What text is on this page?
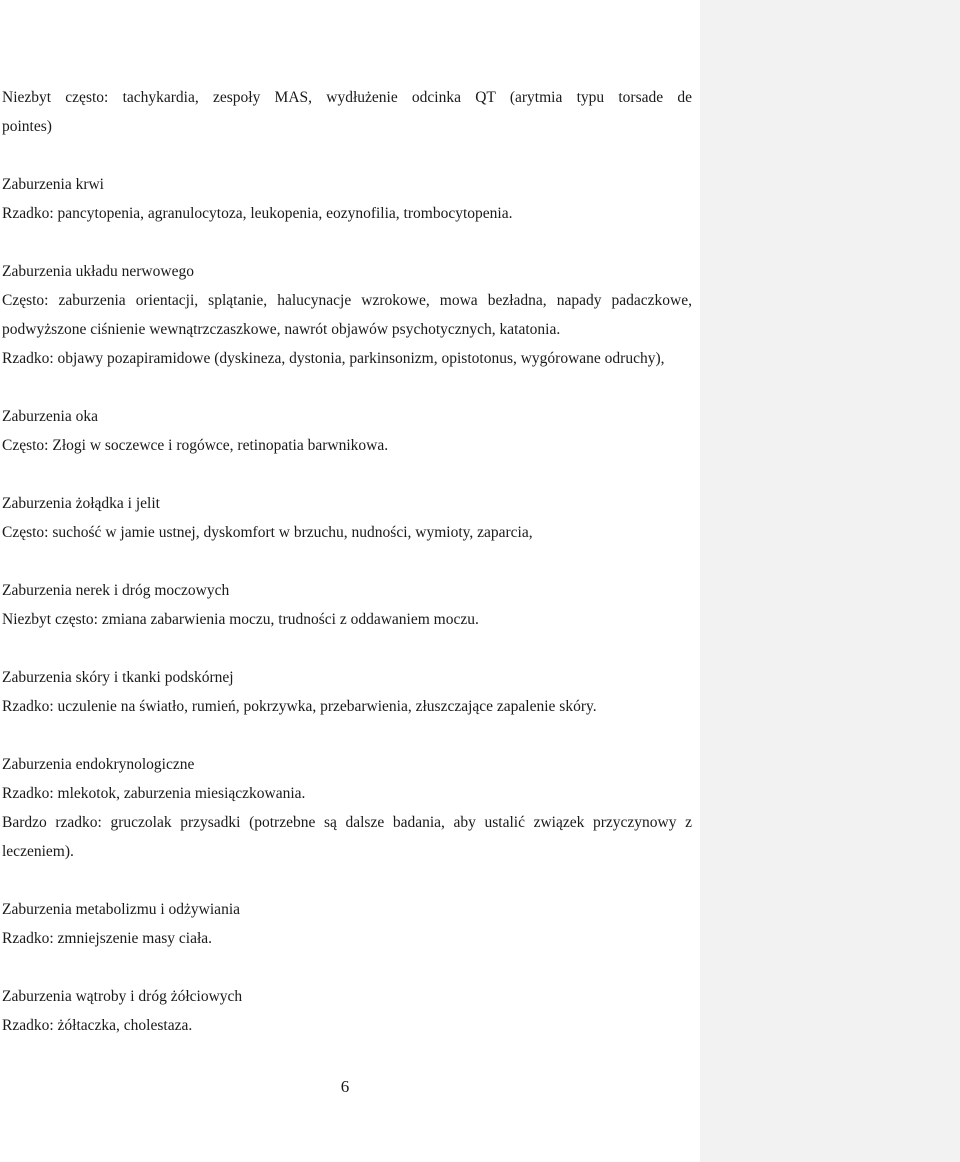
Niezbyt często: tachykardia, zespoły MAS, wydłużenie odcinka QT (arytmia typu torsade de

pointes)

Zaburzenia krwi

Rzadko: pancytopenia, agranulocytoza, leukopenia, eozynofilia, trombocytopenia.

Zaburzenia układu nerwowego

Często: zaburzenia orientacji, splątanie, halucynacje wzrokowe, mowa bezładna, napady padaczkowe,

podwyższone ciśnienie wewnątrzczaszkowe, nawrót objawów psychotycznych, katatonia.

Rzadko: objawy pozapiramidowe (dyskineza, dystonia, parkinsonizm, opistotonus, wygórowane odruchy),

Zaburzenia oka

Często: Złogi w soczewce i rogówce, retinopatia barwnikowa.

Zaburzenia żołądka i jelit

Często: suchość w jamie ustnej, dyskomfort w brzuchu, nudności, wymioty, zaparcia,

Zaburzenia nerek i dróg moczowych

Niezbyt często: zmiana zabarwienia moczu, trudności z oddawaniem moczu.

Zaburzenia skóry i tkanki podskórnej

Rzadko: uczulenie na światło, rumień, pokrzywka, przebarwienia, złuszczające zapalenie skóry.

Zaburzenia endokrynologiczne

Rzadko: mlekotok, zaburzenia miesiączkowania.

Bardzo rzadko: gruczolak przysadki (potrzebne są dalsze badania, aby ustalić związek przyczynowy z

leczeniem).

Zaburzenia metabolizmu i odżywiania

Rzadko: zmniejszenie masy ciała.

Zaburzenia wątroby i dróg żółciowych

Rzadko: żółtaczka, cholestaza.

6
